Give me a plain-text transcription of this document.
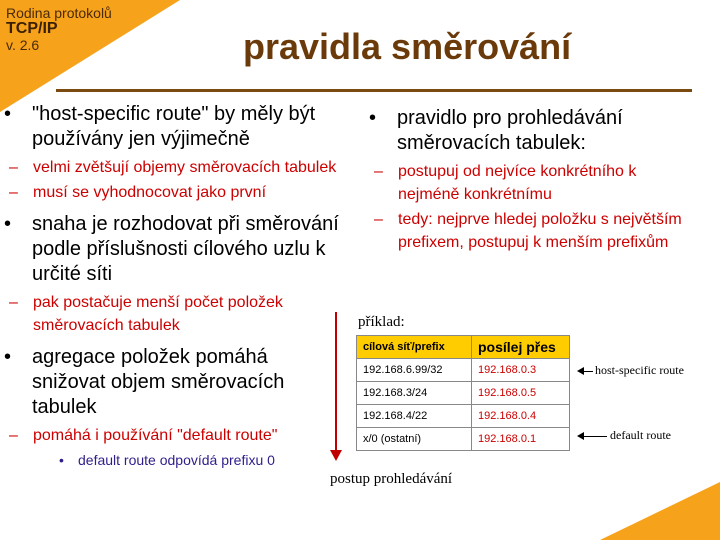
Rodina protokolů
TCP/IP
v. 2.6	pravidla směrování
• "host-specific route" by měly být používány jen výjimečně
– velmi zvětšují objemy směrovacích tabulek
– musí se vyhodnocovat jako první
• snaha je rozhodovat při směrování podle příslušnosti cílového uzlu k určité síti
– pak postačuje menší počet položek směrovacích tabulek
• agregace položek pomáhá snižovat objem směrovacích tabulek
– pomáhá i používání "default route"
• default route odpovídá prefixu 0
• pravidlo pro prohledávání směrovacích tabulek:
– postupuj od nejvíce konkrétního k nejméně konkrétnímu
– tedy: nejprve hledej položku s největším prefixem, postupuj k menším prefixům
příklad:
cílová síť/prefix	posílej přes
192.168.6.99/32	192.168.0.3
192.168.3/24	192.168.0.5
192.168.4/22	192.168.0.4
x/0 (ostatní)	192.168.0.1
host-specific route
default route
postup prohledávání
